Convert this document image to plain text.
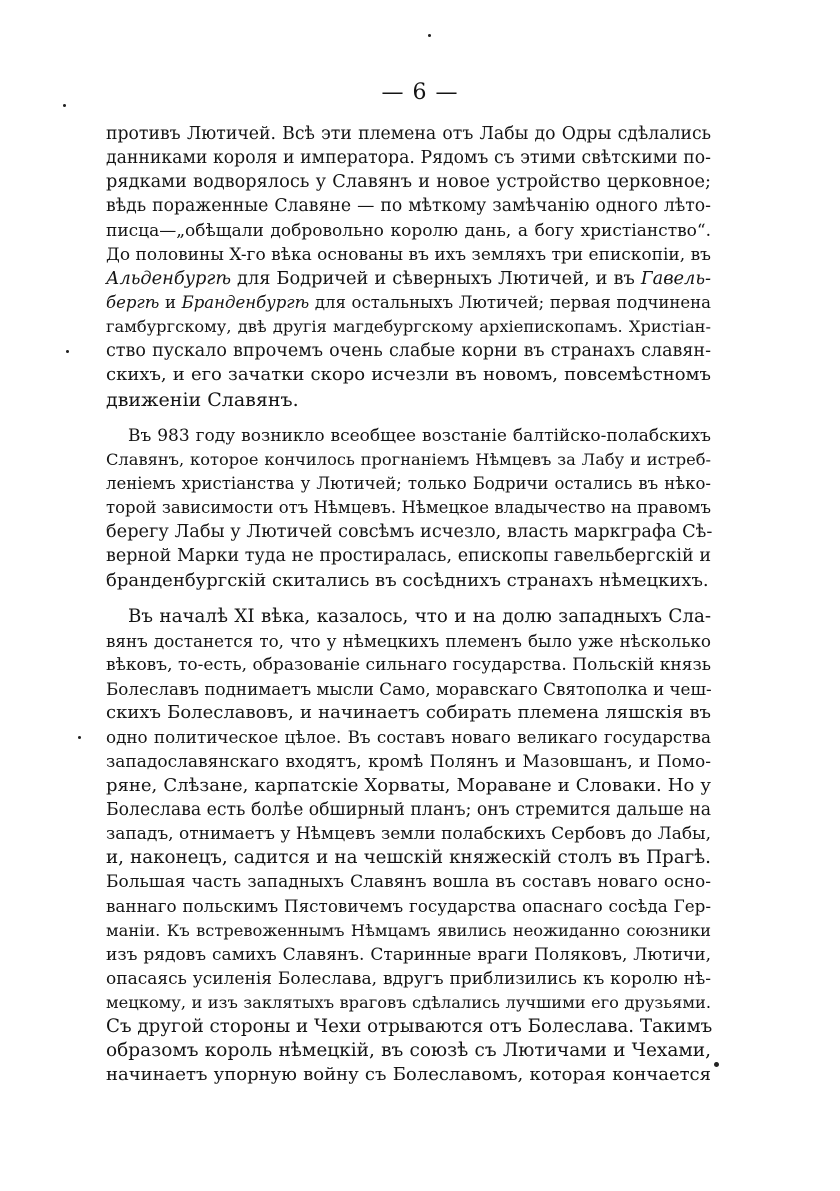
— 6 —
противъ Лютичей. Всѣ эти племена отъ Лабы до Одры сдѣлались
данниками короля и императора. Рядомъ съ этими свѣтскими по-
рядками водворялось у Славянъ и новое устройство церковное;
вѣдь пораженные Славяне — по мѣткому замѣчанію одного лѣто-
писца—„обѣщали добровольно королю дань, а богу христіанство“.
До половины X-го вѣка основаны въ ихъ земляхъ три епископіи, въ
Альденбургѣ для Бодричей и сѣверныхъ Лютичей, и въ Гавель-
бергѣ и Бранденбургѣ для остальныхъ Лютичей; первая подчинена
гамбургскому, двѣ другія магдебургскому архіепископамъ. Христіан-
ство пускало впрочемъ очень слабые корни въ странахъ славян-
скихъ, и его зачатки скоро исчезли въ новомъ, повсемѣстномъ
движеніи Славянъ.
Въ 983 году возникло всеобщее возстаніе балтійско-полабскихъ
Славянъ, которое кончилось прогнаніемъ Нѣмцевъ за Лабу и истреб-
леніемъ христіанства у Лютичей; только Бодричи остались въ нѣко-
торой зависимости отъ Нѣмцевъ. Нѣмецкое владычество на правомъ
берегу Лабы у Лютичей совсѣмъ исчезло, власть маркграфа Сѣ-
верной Марки туда не простиралась, епископы гавельбергскій и
бранденбургскій скитались въ сосѣднихъ странахъ нѣмецкихъ.
Въ началѣ XI вѣка, казалось, что и на долю западныхъ Сла-
вянъ достанется то, что у нѣмецкихъ племенъ было уже нѣсколько
вѣковъ, то-есть, образованіе сильнаго государства. Польскій князь
Болеславъ поднимаетъ мысли Само, моравскаго Святополка и чеш-
скихъ Болеславовъ, и начинаетъ собирать племена ляшскія въ
одно политическое цѣлое. Въ составъ новаго великаго государства
западославянскаго входятъ, кромѣ Полянъ и Мазовшанъ, и Помо-
ряне, Слѣзане, карпатскіе Хорваты, Мораване и Словаки. Но у
Болеслава есть болѣе обширный планъ; онъ стремится дальше на
западъ, отнимаетъ у Нѣмцевъ земли полабскихъ Сербовъ до Лабы,
и, наконецъ, садится и на чешскій княжескій столъ въ Прагѣ.
Большая часть западныхъ Славянъ вошла въ составъ новаго осно-
ваннаго польскимъ Пястовичемъ государства опаснаго сосѣда Гер-
маніи. Къ встревоженнымъ Нѣмцамъ явились неожиданно союзники
изъ рядовъ самихъ Славянъ. Старинные враги Поляковъ, Лютичи,
опасаясь усиленія Болеслава, вдругъ приблизились къ королю нѣ-
мецкому, и изъ заклятыхъ враговъ сдѣлались лучшими его друзьями.
Съ другой стороны и Чехи отрываются отъ Болеслава. Такимъ
образомъ король нѣмецкій, въ союзѣ съ Лютичами и Чехами,
начинаетъ упорную войну съ Болеславомъ, которая кончается
